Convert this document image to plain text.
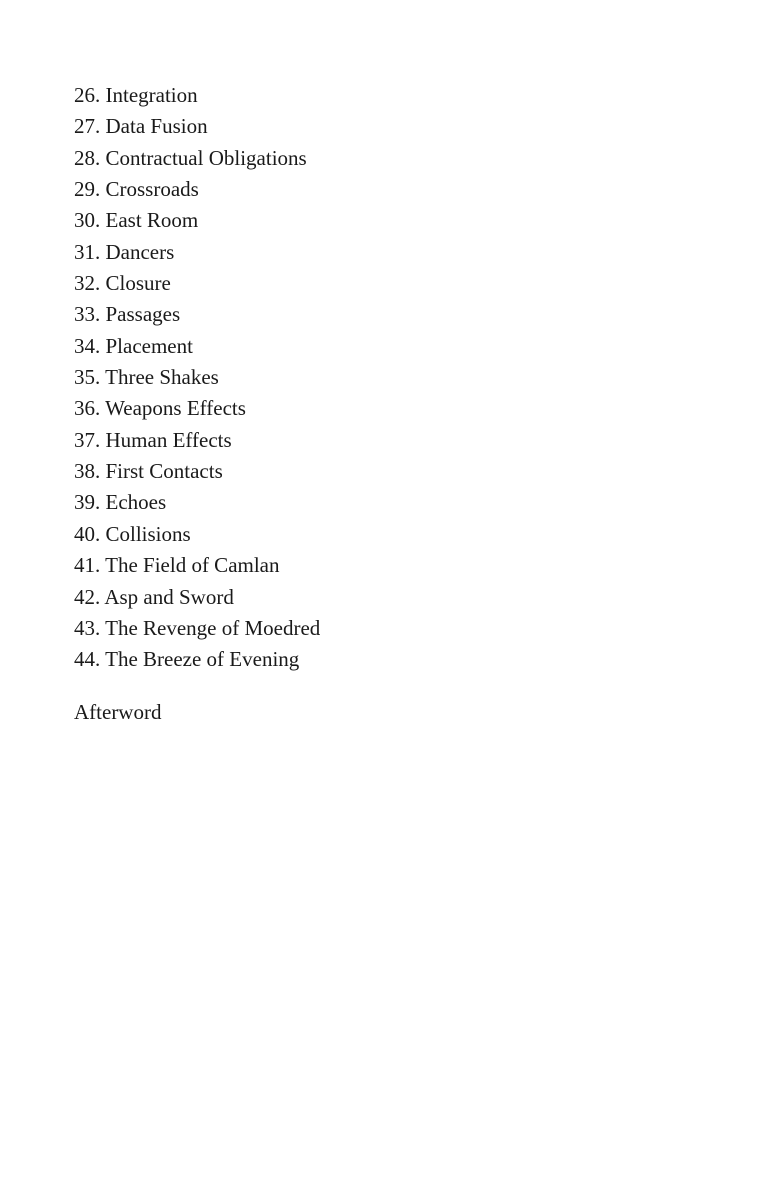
26. Integration
27. Data Fusion
28. Contractual Obligations
29. Crossroads
30. East Room
31. Dancers
32. Closure
33. Passages
34. Placement
35. Three Shakes
36. Weapons Effects
37. Human Effects
38. First Contacts
39. Echoes
40. Collisions
41. The Field of Camlan
42. Asp and Sword
43. The Revenge of Moedred
44. The Breeze of Evening
Afterword
